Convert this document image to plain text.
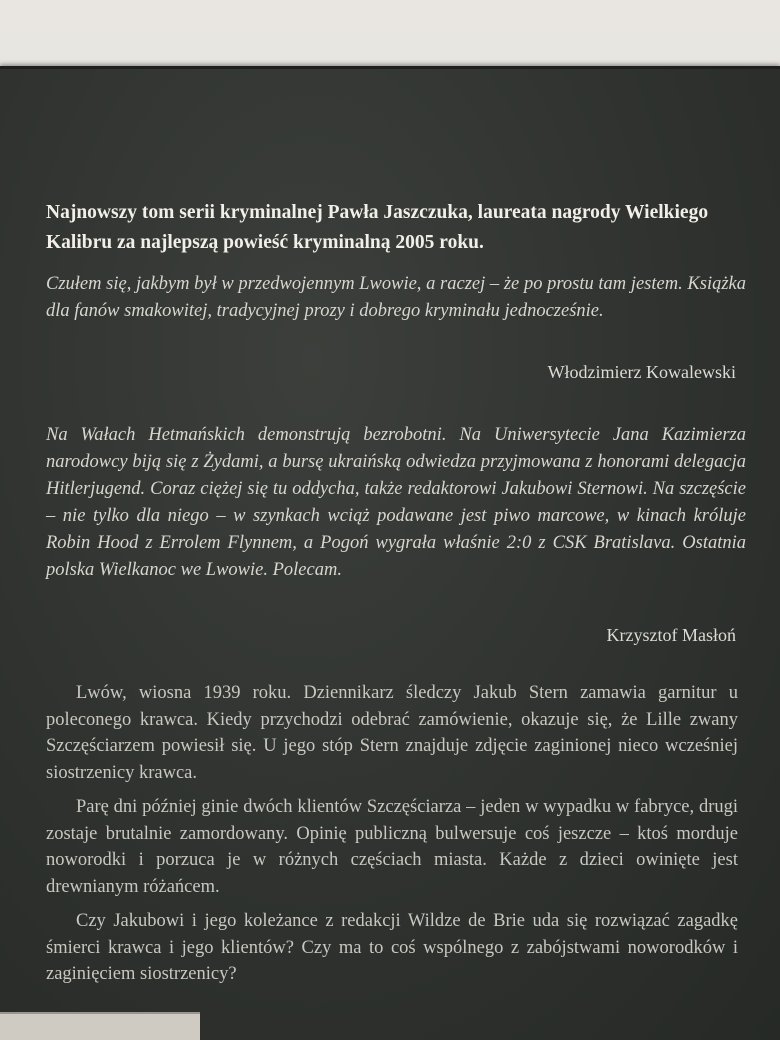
Najnowszy tom serii kryminalnej Pawła Jaszczuka, laureata nagrody Wielkiego Kalibru za najlepszą powieść kryminalną 2005 roku.
Czułem się, jakbym był w przedwojennym Lwowie, a raczej – że po prostu tam jestem. Książka dla fanów smakowitej, tradycyjnej prozy i dobrego kryminału jednocześnie.
Włodzimierz Kowalewski
Na Wałach Hetmańskich demonstrują bezrobotni. Na Uniwersytecie Jana Kazimierza narodowcy biją się z Żydami, a bursę ukraińską odwiedza przyjmowana z honorami delegacja Hitlerjugend. Coraz ciężej się tu oddycha, także redaktorowi Jakubowi Sternowi. Na szczęście – nie tylko dla niego – w szynkach wciąż podawane jest piwo marcowe, w kinach króluje Robin Hood z Errolem Flynnem, a Pogoń wygrała właśnie 2:0 z CSK Bratislava. Ostatnia polska Wielkanoc we Lwowie. Polecam.
Krzysztof Masłoń

Lwów, wiosna 1939 roku. Dziennikarz śledczy Jakub Stern zamawia garnitur u poleconego krawca. Kiedy przychodzi odebrać zamówienie, okazuje się, że Lille zwany Szczęściarzem powiesił się. U jego stóp Stern znajduje zdjęcie zaginionej nieco wcześniej siostrzenicy krawca.

Parę dni później ginie dwóch klientów Szczęściarza – jeden w wypadku w fabryce, drugi zostaje brutalnie zamordowany. Opinię publiczną bulwersuje coś jeszcze – ktoś morduje noworodki i porzuca je w różnych częściach miasta. Każde z dzieci owinięte jest drewnianym różańcem.

Czy Jakubowi i jego koleżance z redakcji Wildze de Brie uda się rozwiązać zagadkę śmierci krawca i jego klientów? Czy ma to coś wspólnego z zabójstwami noworodków i zaginięciem siostrzenicy?
